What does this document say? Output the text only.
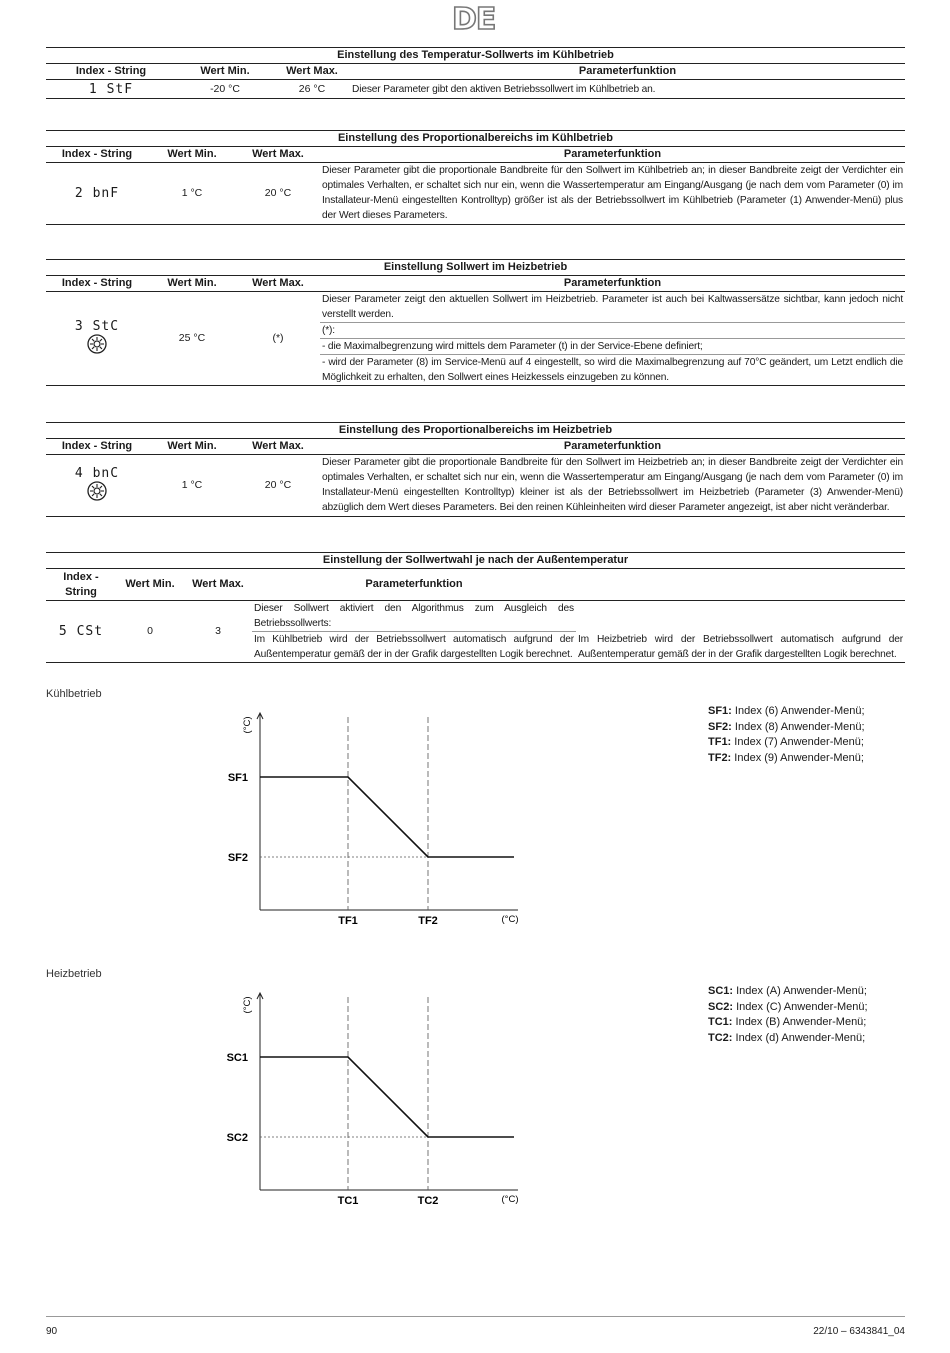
DE
Einstellung des Temperatur-Sollwerts im Kühlbetrieb			
Index - String	Wert Min.	Wert Max.	Parameterfunktion
1 StF	-20 °C	26 °C	Dieser Parameter gibt den aktiven Betriebssollwert im Kühlbetrieb an.
Einstellung des Proportionalbereichs im Kühlbetrieb			
Index - String	Wert Min.	Wert Max.	Parameterfunktion
2 bnF	1 °C	20 °C	Dieser Parameter gibt die proportionale Bandbreite für den Sollwert im Kühlbetrieb an; in dieser Bandbreite zeigt der Verdichter ein optimales Verhalten, er schaltet sich nur ein, wenn die Wassertemperatur am Eingang/Ausgang (je nach dem vom Parameter (0) im Installateur-Menü eingestellten Kontrolltyp) größer ist als der Betriebssollwert im Kühlbetrieb (Parameter (1) Anwender-Menü) plus der Wert dieses Parameters.
Einstellung Sollwert im Heizbetrieb			
Index - String	Wert Min.	Wert Max.	Parameterfunktion

3 StC	25 °C	(*)	Dieser Parameter zeigt den aktuellen Sollwert im Heizbetrieb. Parameter ist auch bei Kaltwassersätze sichtbar, kann jedoch nicht verstellt werden.
			(*):
			- die Maximalbegrenzung wird mittels dem Parameter (t) in der Service-Ebene definiert;
			- wird der Parameter (8) im Service-Menü auf 4 eingestellt, so wird die Maximalbegrenzung auf 70°C geändert, um Letzt endlich die Möglichkeit zu erhalten, den Sollwert eines Heizkessels einzugeben zu können.
Einstellung des Proportionalbereichs im Heizbetrieb			
Index - String	Wert Min.	Wert Max.	Parameterfunktion

4 bnC	1 °C	20 °C	Dieser Parameter gibt die proportionale Bandbreite für den Sollwert im Heizbetrieb an; in dieser Bandbreite zeigt der Verdichter ein optimales Verhalten, er schaltet sich nur ein, wenn die Wassertemperatur am Eingang/Ausgang (je nach dem vom Parameter (0) im Installateur-Menü eingestellten Kontrolltyp) kleiner ist als der Betriebssollwert im Heizbetrieb (Parameter (3) Anwender-Menü) abzüglich dem Wert dieses Parameters. Bei den reinen Kühleinheiten wird dieser Parameter angezeigt, ist aber nicht veränderbar.
Einstellung der Sollwertwahl je nach der Außentemperatur				
Index - String	Wert Min.	Wert Max.	Parameterfunktion	
5 CSt	0	3	Dieser Sollwert aktiviert den Algorithmus zum Ausgleich des Betriebssollwerts:	
			Im Kühlbetrieb wird der Betriebssollwert automatisch aufgrund der Außentemperatur gemäß der in der Grafik dargestellten Logik berechnet.	Im Heizbetrieb wird der Betriebssollwert automatisch aufgrund der Außentemperatur gemäß der in der Grafik dargestellten Logik berechnet.
Kühlbetrieb
SF1
SF2
TF1	TF2	(°C)
(°C)
SF1: Index (6) Anwender-Menü;
SF2: Index (8) Anwender-Menü;
TF1: Index (7) Anwender-Menü;
TF2: Index (9) Anwender-Menü;
Heizbetrieb
SC1
SC2
TC1	TC2	(°C)
(°C)
SC1: Index (A) Anwender-Menü;
SC2: Index (C) Anwender-Menü;
TC1: Index (B) Anwender-Menü;
TC2: Index (d) Anwender-Menü;
90	22/10 – 6343841_04
